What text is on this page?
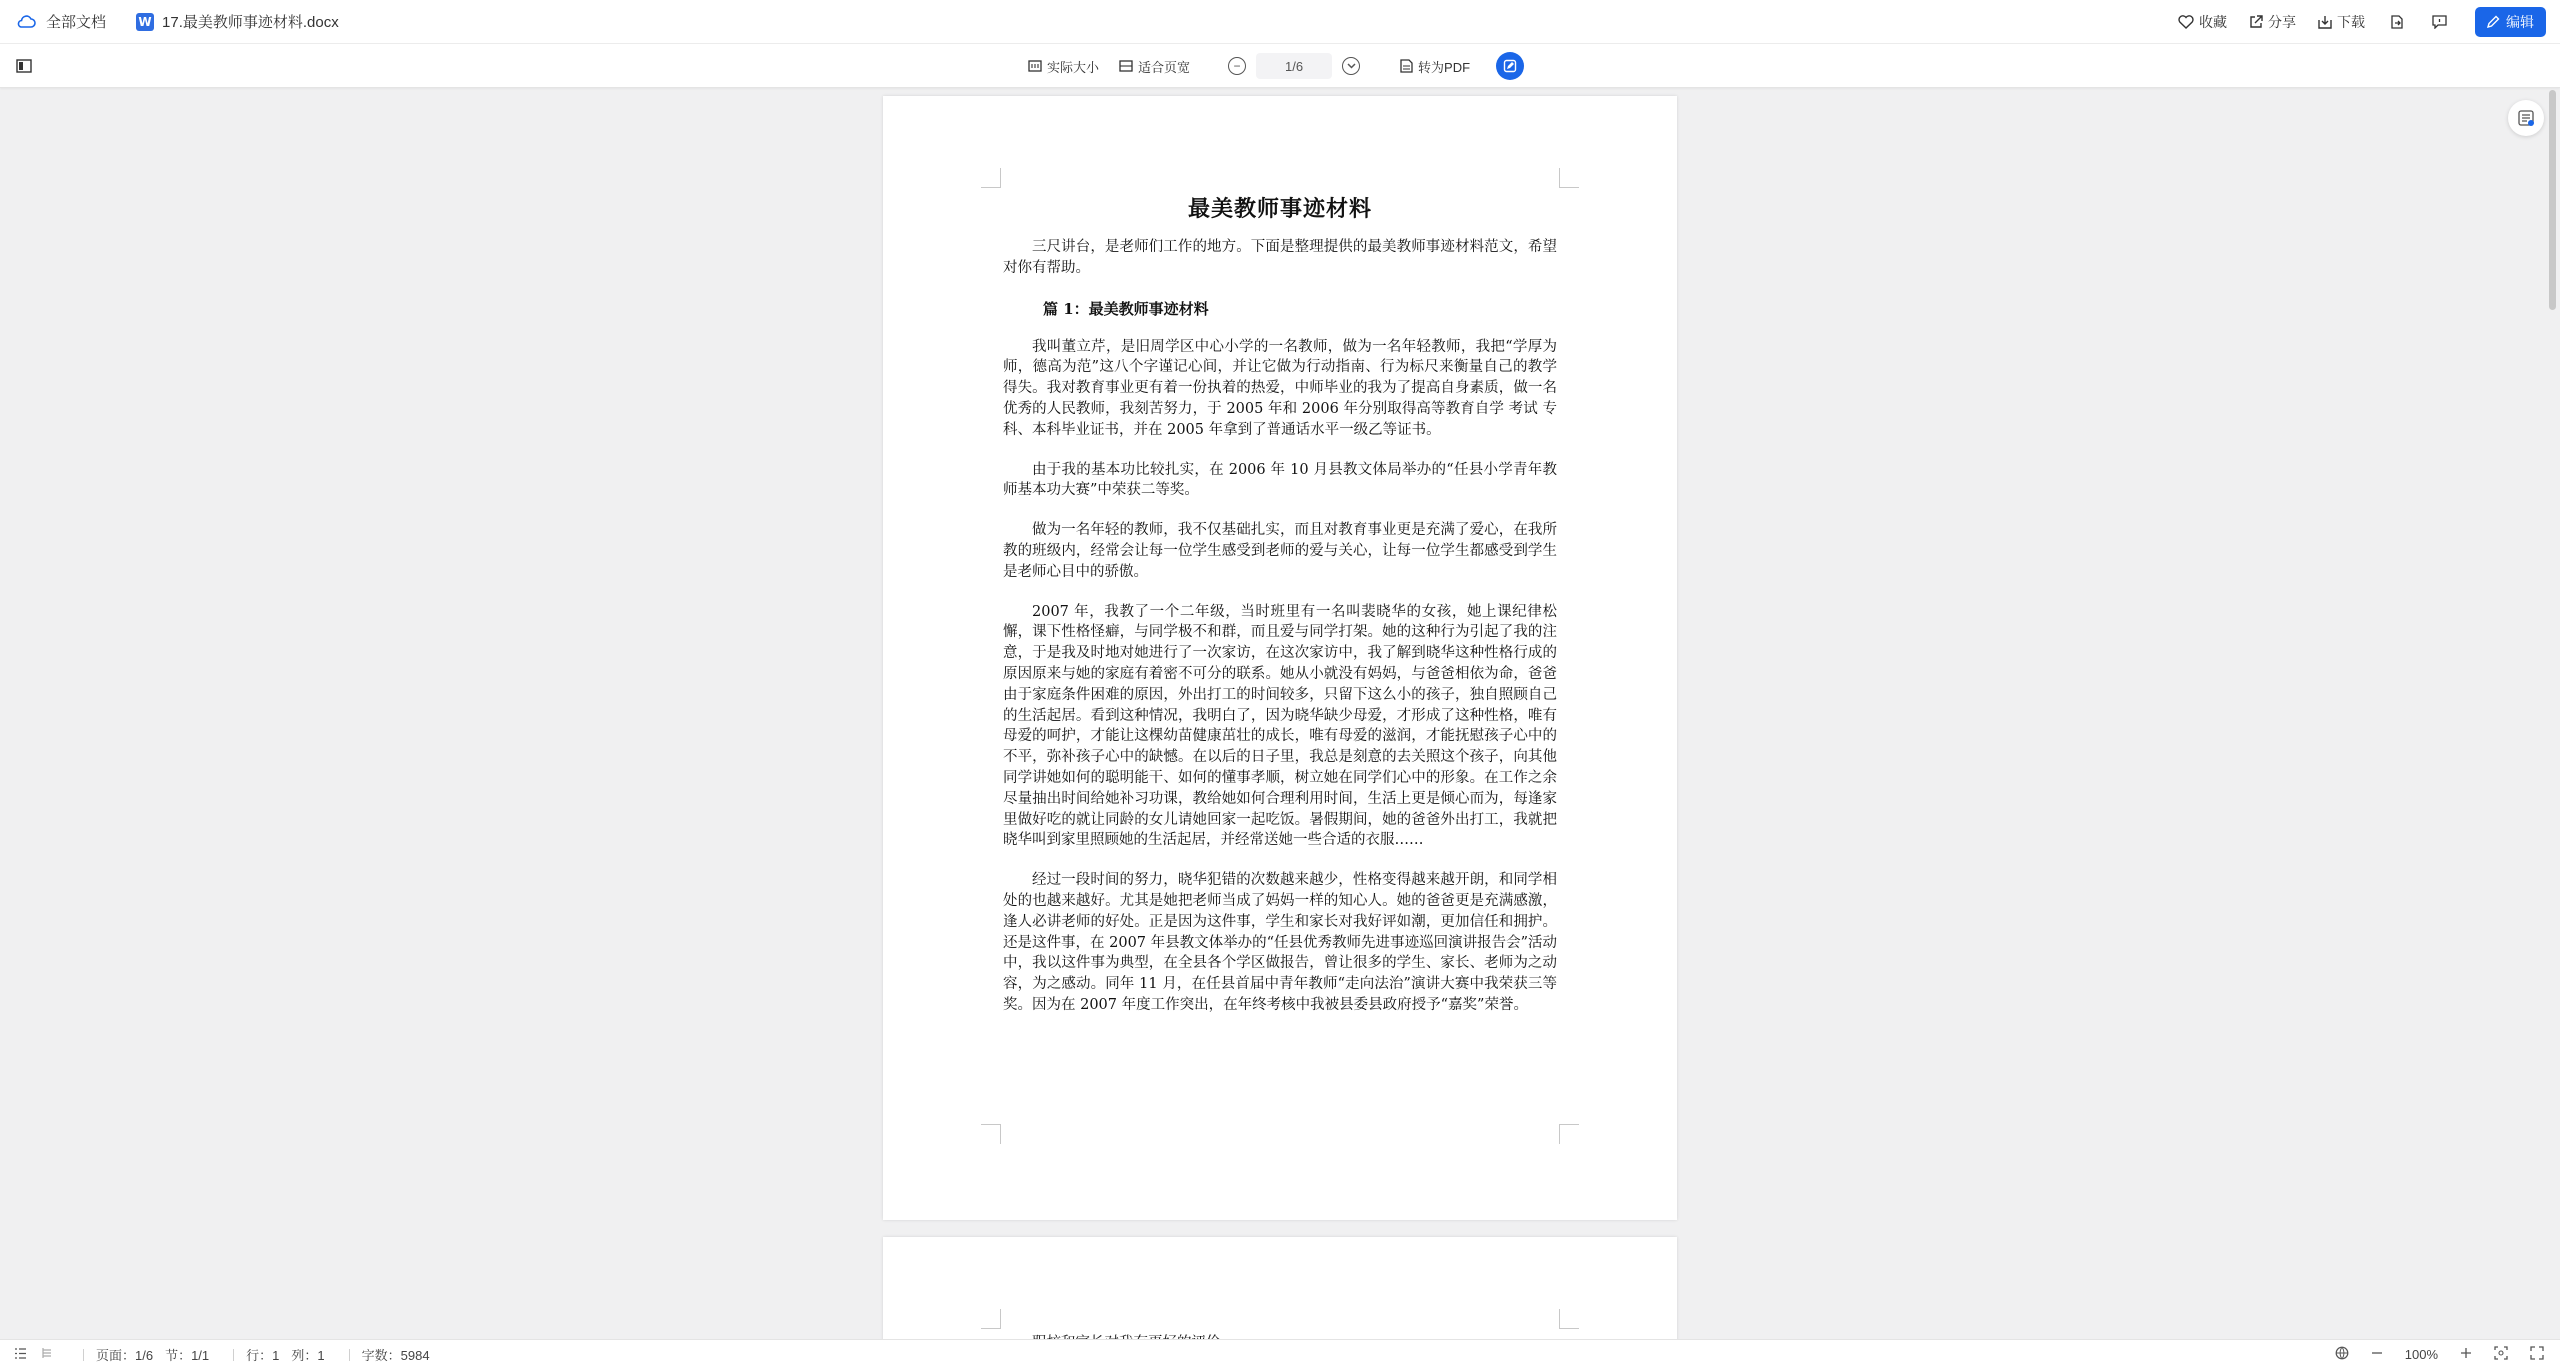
全部文档	W 17.最美教师事迹材料.docx	收藏	分享	下载	编辑
实际大小	适合页宽	−	1/6	转为PDF
最美教师事迹材料

三尺讲台，是老师们工作的地方。下面是整理提供的最美教师事迹材料范文，希望对你有帮助。

篇 1：最美教师事迹材料

我叫董立芹，是旧周学区中心小学的一名教师，做为一名年轻教师，我把“学厚为师，德高为范”这八个字谨记心间，并让它做为行动指南、行为标尺来衡量自己的教学得失。我对教育事业更有着一份执着的热爱，中师毕业的我为了提高自身素质，做一名优秀的人民教师，我刻苦努力，于 2005 年和 2006 年分别取得高等教育自学 考试 专科、本科毕业证书，并在 2005 年拿到了普通话水平一级乙等证书。

由于我的基本功比较扎实，在 2006 年 10 月县教文体局举办的“任县小学青年教师基本功大赛”中荣获二等奖。

做为一名年轻的教师，我不仅基础扎实，而且对教育事业更是充满了爱心，在我所教的班级内，经常会让每一位学生感受到老师的爱与关心，让每一位学生都感受到学生是老师心目中的骄傲。

2007 年，我教了一个二年级，当时班里有一名叫裴晓华的女孩，她上课纪律松懈，课下性格怪癖，与同学极不和群，而且爱与同学打架。她的这种行为引起了我的注意，于是我及时地对她进行了一次家访，在这次家访中，我了解到晓华这种性格行成的原因原来与她的家庭有着密不可分的联系。她从小就没有妈妈，与爸爸相依为命，爸爸由于家庭条件困难的原因，外出打工的时间较多，只留下这么小的孩子，独自照顾自己的生活起居。看到这种情况，我明白了，因为晓华缺少母爱，才形成了这种性格，唯有母爱的呵护，才能让这棵幼苗健康茁壮的成长，唯有母爱的滋润，才能抚慰孩子心中的不平，弥补孩子心中的缺憾。在以后的日子里，我总是刻意的去关照这个孩子，向其他同学讲她如何的聪明能干、如何的懂事孝顺，树立她在同学们心中的形象。在工作之余尽量抽出时间给她补习功课，教给她如何合理利用时间，生活上更是倾心而为，每逢家里做好吃的就让同龄的女儿请她回家一起吃饭。暑假期间，她的爸爸外出打工，我就把晓华叫到家里照顾她的生活起居，并经常送她一些合适的衣服……

经过一段时间的努力，晓华犯错的次数越来越少，性格变得越来越开朗，和同学相处的也越来越好。尤其是她把老师当成了妈妈一样的知心人。她的爸爸更是充满感激，逢人必讲老师的好处。正是因为这件事，学生和家长对我好评如潮，更加信任和拥护。还是这件事，在 2007 年县教文体举办的“任县优秀教师先进事迹巡回演讲报告会”活动中，我以这件事为典型，在全县各个学区做报告，曾让很多的学生、家长、老师为之动容，为之感动。同年 11 月，在任县首届中青年教师“走向法治”演讲大赛中我荣获三等奖。因为在 2007 年度工作突出，在年终考核中我被县委县政府授予“嘉奖”荣誉。

页面：1/6 节：1/1	行：1 列：1	字数：5984	100%
